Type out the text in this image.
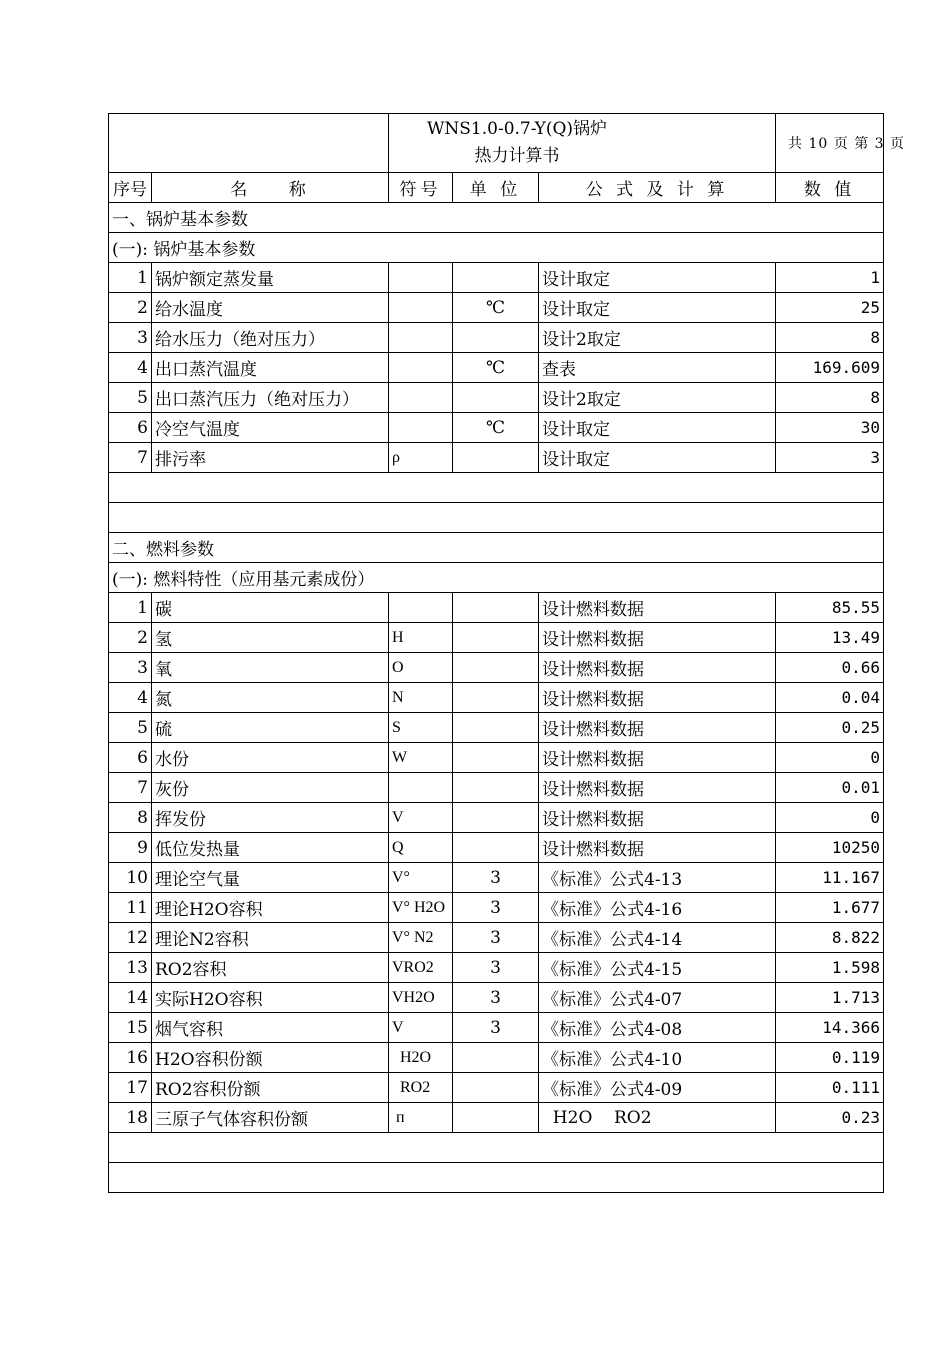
		WNS1.0-0.7-Y(Q)锅炉
热力计算书			共 10 页 第 3 页
序号	名    称	符号	单 位	公 式 及 计 算	数 值
一、锅炉基本参数					
(一): 锅炉基本参数					
1	锅炉额定蒸发量			设计取定	1
2	给水温度		℃	设计取定	25
3	给水压力（绝对压力）			设计2取定	8
4	出口蒸汽温度		℃	查表	169.609
5	出口蒸汽压力（绝对压力）			设计2取定	8
6	冷空气温度		℃	设计取定	30
7	排污率	ρ		设计取定	3

二、燃料参数					
(一): 燃料特性（应用基元素成份）					
1	碳			设计燃料数据	85.55
2	氢	H		设计燃料数据	13.49
3	氧	O		设计燃料数据	0.66
4	氮	N		设计燃料数据	0.04
5	硫	S		设计燃料数据	0.25
6	水份	W		设计燃料数据	0
7	灰份			设计燃料数据	0.01
8	挥发份	V		设计燃料数据	0
9	低位发热量	Q		设计燃料数据	10250
10	理论空气量	V°	3	《标准》公式4-13	11.167
11	理论H2O容积	V° H2O	3	《标准》公式4-16	1.677
12	理论N2容积	V° N2	3	《标准》公式4-14	8.822
13	RO2容积	VRO2	3	《标准》公式4-15	1.598
14	实际H2O容积	VH2O	3	《标准》公式4-07	1.713
15	烟气容积	V	3	《标准》公式4-08	14.366
16	H2O容积份额	H2O		《标准》公式4-10	0.119
17	RO2容积份额	RO2		《标准》公式4-09	0.111
18	三原子气体容积份额	п		H2O    RO2	0.23
